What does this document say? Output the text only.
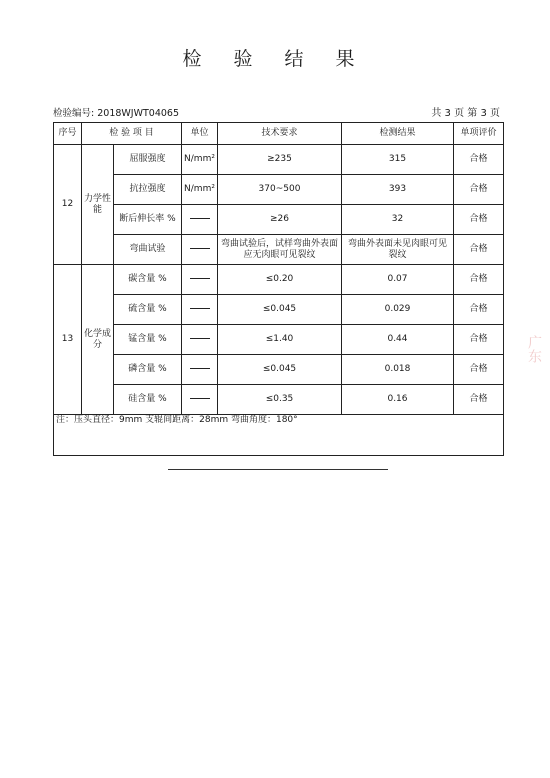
检 验 结 果
检验编号: 2018WJWT04065	共 3 页 第 3 页
序号	检 验 项 目		单位	技术要求	检测结果	单项评价
12	力学性能	屈服强度	N/mm²	≥235	315	合格
		抗拉强度	N/mm²	370~500	393	合格
		断后伸长率 %		≥26	32	合格
		弯曲试验		弯曲试验后，试样弯曲外表面应无肉眼可见裂纹	弯曲外表面未见肉眼可见裂纹	合格
13	化学成分	碳含量 %		≤0.20	0.07	合格
		硫含量 %		≤0.045	0.029	合格
		锰含量 %		≤1.40	0.44	合格
		磷含量 %		≤0.045	0.018	合格
		硅含量 %		≤0.35	0.16	合格
注：压头直径：9mm 支辊间距离：28mm 弯曲角度：180°						
广东
